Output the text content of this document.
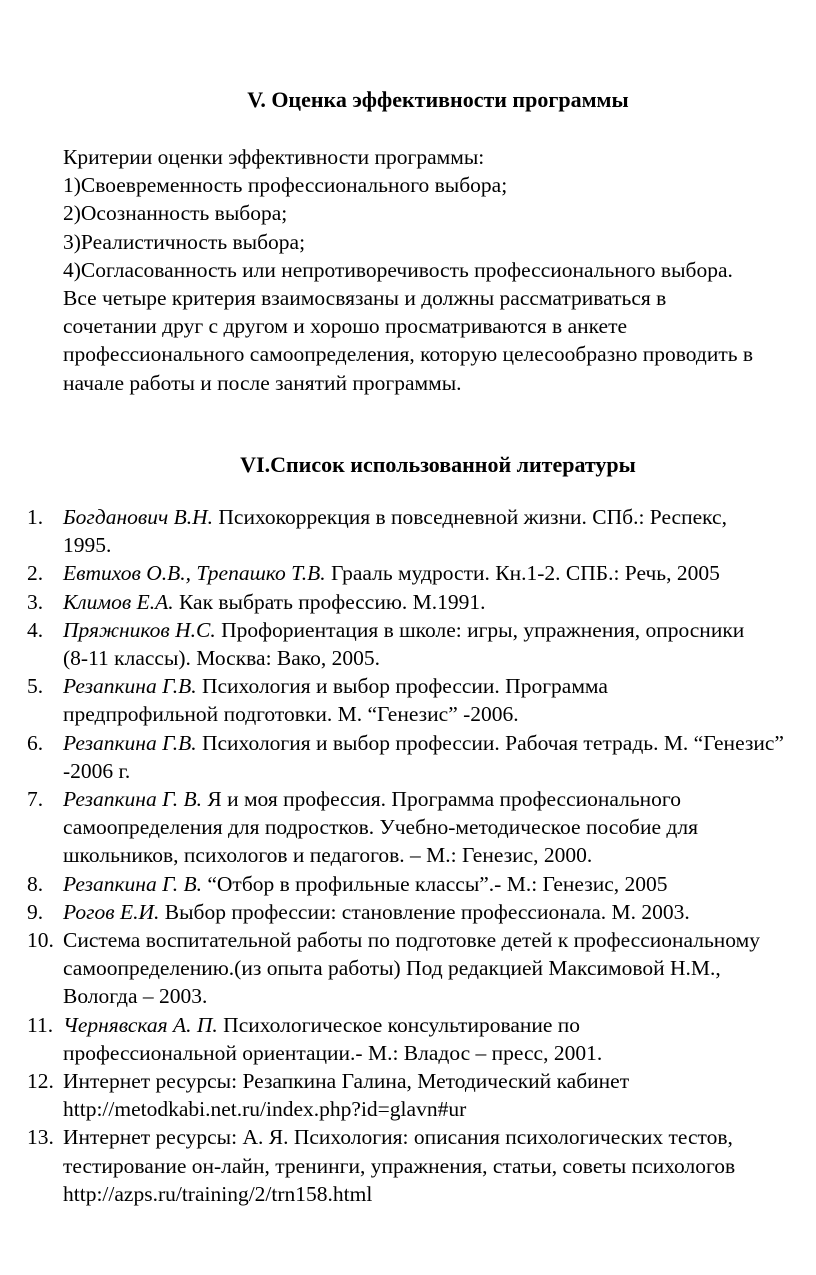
V. Оценка эффективности программы
Критерии оценки эффективности программы:
1)Своевременность профессионального выбора;
2)Осознанность выбора;
3)Реалистичность выбора;
4)Согласованность или непротиворечивость профессионального выбора.
Все четыре критерия взаимосвязаны и должны рассматриваться в сочетании друг с другом и хорошо просматриваются в анкете профессионального самоопределения, которую целесообразно проводить в начале работы и после занятий программы.
VI.Список использованной литературы
1. Богданович В.Н. Психокоррекция в повседневной жизни. СПб.: Респекс, 1995.
2. Евтихов О.В., Трепашко Т.В. Грааль мудрости. Кн.1-2. СПБ.: Речь, 2005
3. Климов Е.А. Как выбрать профессию. М.1991.
4. Пряжников Н.С. Профориентация в школе: игры, упражнения, опросники (8-11 классы). Москва: Вако, 2005.
5. Резапкина Г.В. Психология и выбор профессии. Программа предпрофильной подготовки. М. “Генезис” -2006.
6. Резапкина Г.В. Психология и выбор профессии. Рабочая тетрадь. М. “Генезис” -2006 г.
7. Резапкина Г. В. Я и моя профессия. Программа профессионального самоопределения для подростков. Учебно-методическое пособие для школьников, психологов и педагогов. – М.: Генезис, 2000.
8. Резапкина Г. В. “Отбор в профильные классы”.- М.: Генезис, 2005
9. Рогов Е.И. Выбор профессии: становление профессионала. М. 2003.
10. Система воспитательной работы по подготовке детей к профессиональному самоопределению.(из опыта работы) Под редакцией Максимовой Н.М., Вологда – 2003.
11. Чернявская А. П. Психологическое консультирование по профессиональной ориентации.- М.: Владос – пресс, 2001.
12. Интернет ресурсы: Резапкина Галина, Методический кабинет http://metodkabi.net.ru/index.php?id=glavn#ur
13. Интернет ресурсы: А. Я. Психология: описания психологических тестов, тестирование он-лайн, тренинги, упражнения, статьи, советы психологов http://azps.ru/training/2/trn158.html
